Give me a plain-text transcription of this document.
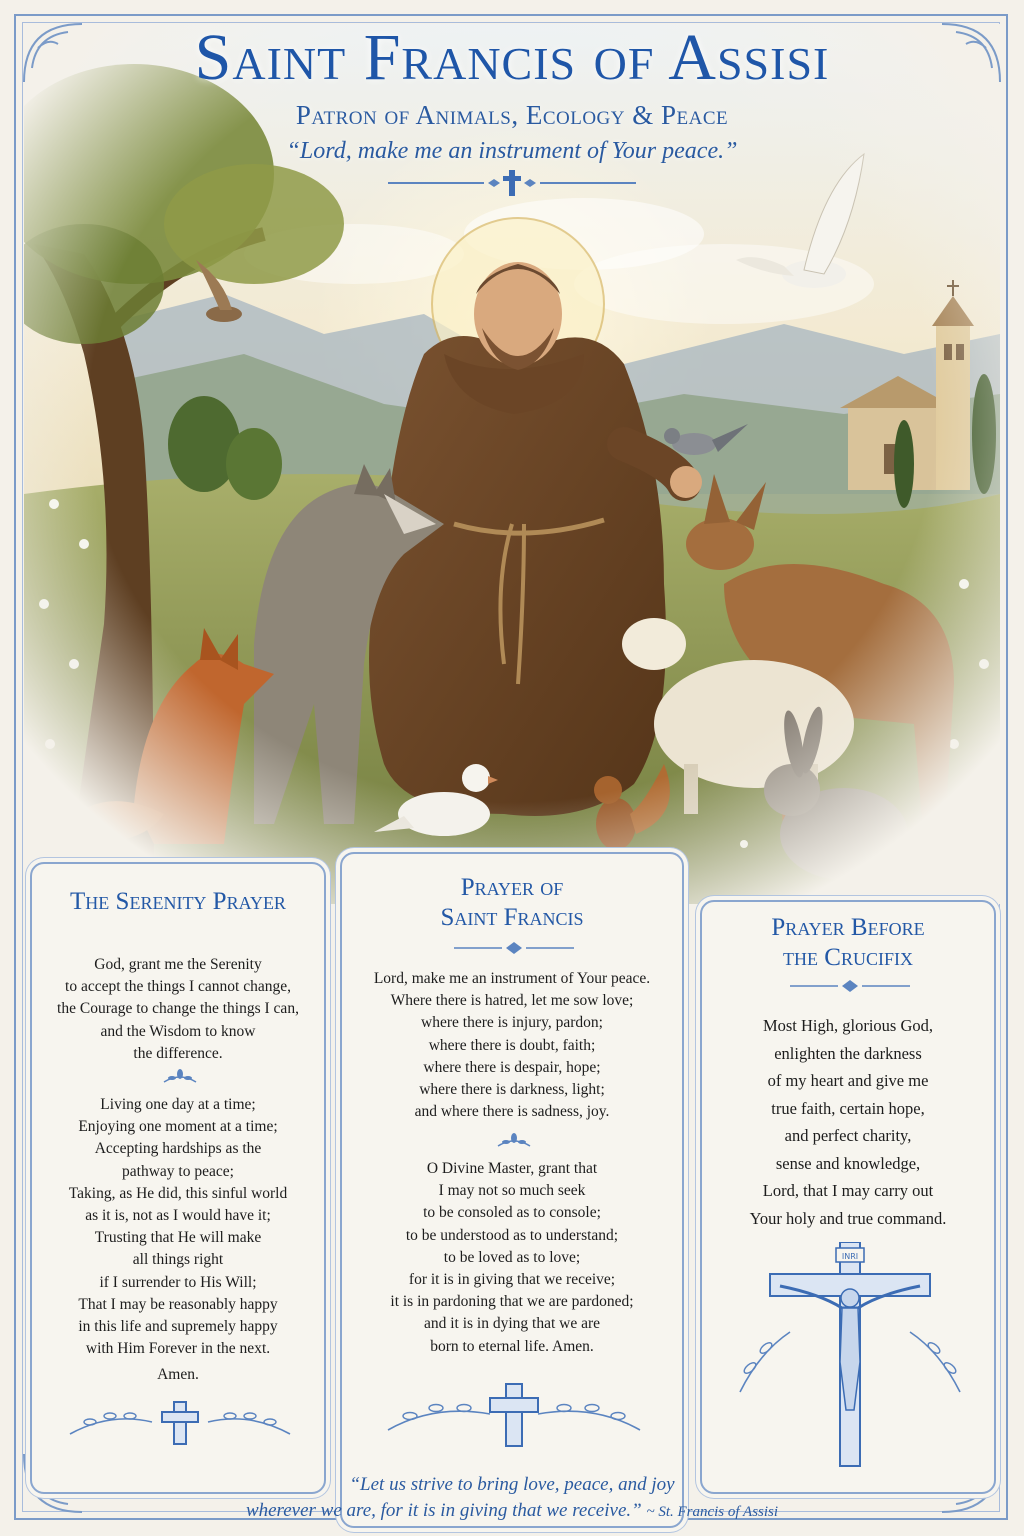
Saint Francis of Assisi
Patron of Animals, Ecology & Peace
“Lord, make me an instrument of Your peace.”
The Serenity Prayer
God, grant me the Serenity
to accept the things I cannot change,
the Courage to change the things I can,
and the Wisdom to know
the difference.
Living one day at a time;
Enjoying one moment at a time;
Accepting hardships as the
pathway to peace;
Taking, as He did, this sinful world
as it is, not as I would have it;
Trusting that He will make
all things right
if I surrender to His Will;
That I may be reasonably happy
in this life and supremely happy
with Him Forever in the next.
Amen.
Prayer of
Saint Francis
Lord, make me an instrument of Your peace.
Where there is hatred, let me sow love;
where there is injury, pardon;
where there is doubt, faith;
where there is despair, hope;
where there is darkness, light;
and where there is sadness, joy.
O Divine Master, grant that
I may not so much seek
to be consoled as to console;
to be understood as to understand;
to be loved as to love;
for it is in giving that we receive;
it is in pardoning that we are pardoned;
and it is in dying that we are
born to eternal life. Amen.
Prayer Before
the Crucifix
Most High, glorious God,
enlighten the darkness
of my heart and give me
true faith, certain hope,
and perfect charity,
sense and knowledge,
Lord, that I may carry out
Your holy and true command.
INRI
“Let us strive to bring love, peace, and joy
wherever we are, for it is in giving that we receive.” ~ St. Francis of Assisi
